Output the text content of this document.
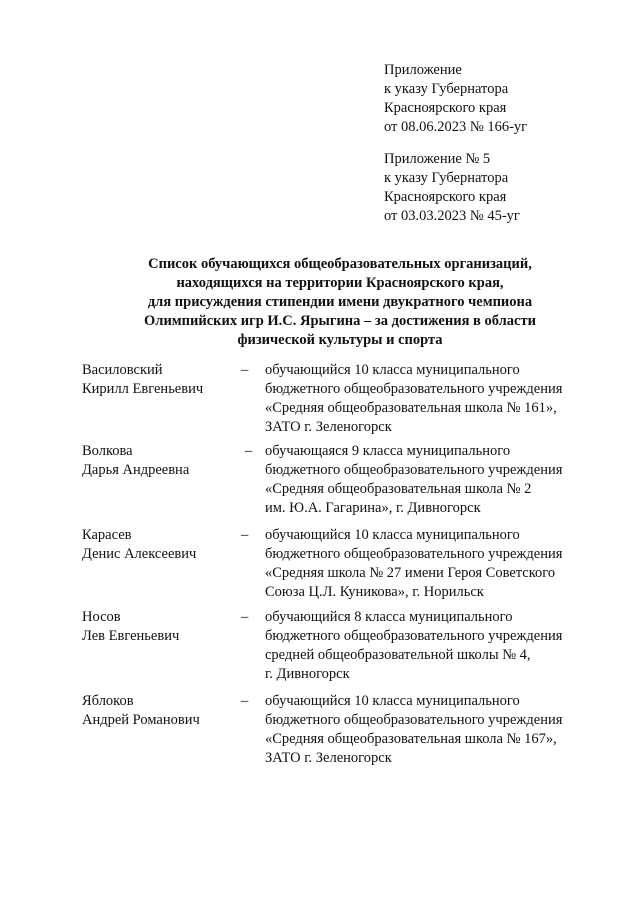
Приложение
к указу Губернатора
Красноярского края
от 08.06.2023 № 166-уг
Приложение № 5
к указу Губернатора
Красноярского края
от 03.03.2023 № 45-уг
Список обучающихся общеобразовательных организаций,
находящихся на территории Красноярского края,
для присуждения стипендии имени двукратного чемпиона
Олимпийских игр И.С. Ярыгина – за достижения в области
физической культуры и спорта
Василовский
Кирилл Евгеньевич
–	обучающийся 10 класса муниципального
бюджетного общеобразовательного учреждения
«Средняя общеобразовательная школа № 161»,
ЗАТО г. Зеленогорск
Волкова
Дарья Андреевна
– обучающаяся 9 класса муниципального
бюджетного общеобразовательного учреждения
«Средняя общеобразовательная школа № 2
им. Ю.А. Гагарина», г. Дивногорск
Карасев
Денис Алексеевич
–	обучающийся 10 класса муниципального
бюджетного общеобразовательного учреждения
«Средняя школа № 27 имени Героя Советского
Союза Ц.Л. Куникова», г. Норильск
Носов
Лев Евгеньевич
–	обучающийся 8 класса муниципального
бюджетного общеобразовательного учреждения
средней общеобразовательной школы № 4,
г. Дивногорск
Яблоков
Андрей Романович
–	обучающийся 10 класса муниципального
бюджетного общеобразовательного учреждения
«Средняя общеобразовательная школа № 167»,
ЗАТО г. Зеленогорск
